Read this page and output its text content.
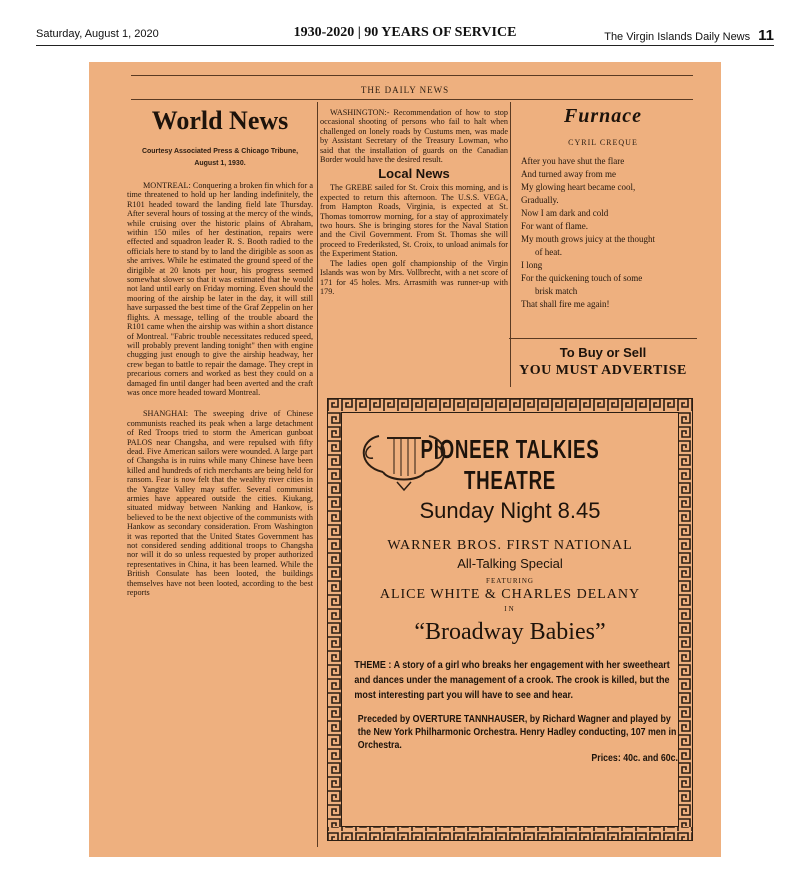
Saturday, August 1, 2020	1930-2020 | 90 YEARS OF SERVICE	The Virgin Islands Daily News 11
THE DAILY NEWS
World News
Courtesy Associated Press & Chicago Tribune,
August 1, 1930.
MONTREAL: Conquering a broken fin which for a time threatened to hold up her landing indefinitely, the R101 headed toward the landing field late Thursday. After several hours of tossing at the mercy of the winds, while cruising over the historic plains of Abraham, within 150 miles of her destination, repairs were effected and squadron leader R. S. Booth radied to the officials here to stand by to land the dirigible as soon as she arrives. While he estimated the ground speed of the dirigible at 20 knots per hour, his progress seemed somewhat slower so that it was estimated that he would not land until early on Friday morning. Even should the mooring of the airship be later in the day, it will still have surpassed the best time of the Graf Zeppelin on her flights. A message, telling of the trouble aboard the R101 came when the airship was within a short distance of Montreal. "Fabric trouble necessitates reduced speed, will probably prevent landing tonight" then with engine chugging just enough to give the airship headway, her crew began to battle to repair the damage. They crept in precarious corners and worked as best they could on a damaged fin until danger had been averted and the craft was once more headed toward Montreal.
SHANGHAI: The sweeping drive of Chinese communists reached its peak when a large detachment of Red Troops tried to storm the American gunboat PALOS near Changsha, and were repulsed with fifty dead. Five American sailors were wounded. A large part of Changsha is in ruins while many Chinese have been killed and hundreds of rich merchants are being held for ransom. Fear is now felt that the wealthy river cities in the Yangtze Valley may suffer. Several communist armies have appeared outside the cities. Kiukang, situated midway between Nanking and Hankow, is believed to be the next objective of the communists with Hankow as secondary consideration. From Washington it was reported that the United States Government has not considered sending additional troops to Changsha nor will it do so unless requested by proper authorized representatives in China, it has been learned. While the British Consulate has been looted, the buildings themselves have not been looted, according to the best reports
WASHINGTON:- Recommendation of how to stop occasional shooting of persons who fail to halt when challenged on lonely roads by Custums men, was made by Assistant Secretary of the Treasury Lowman, who said that the installation of guards on the Canadian Border would have the desired result.
Local News
The GREBE sailed for St. Croix this morning, and is expected to return this afternoon. The U.S.S. VEGA, from Hampton Roads, Virginia, is expected at St. Thomas tomorrow morning, for a stay of approximately two hours. She is bringing stores for the Naval Station and the Civil Government. From St. Thomas she will proceed to Frederiksted, St. Croix, to unload animals for the Experiment Station.
The ladies open golf championship of the Virgin Islands was won by Mrs. Vollbrecht, with a net score of 171 for 45 holes. Mrs. Arrasmith was runner-up with 179.
Furnace
CYRIL CREQUE
After you have shut the flare
And turned away from me
My glowing heart became cool,
Gradually.
Now I am dark and cold
For want of flame.
My mouth grows juicy at the thought
of heat.
I long
For the quickening touch of some
brisk match
That shall fire me again!
To Buy or Sell
YOU MUST ADVERTISE
PIONEER TALKIES THEATRE
Sunday Night 8.45
WARNER BROS. FIRST NATIONAL
All-Talking Special
FEATURING
ALICE WHITE & CHARLES DELANY
IN
“Broadway Babies”
THEME : A story of a girl who breaks her engagement with her sweetheart and dances under the management of a crook. The crook is killed, but the most interesting part you will have to see and hear.
Preceded by OVERTURE TANNHAUSER, by Richard Wagner and played by the New York Philharmonic Orchestra. Henry Hadley conducting, 107 men in Orchestra.
Prices: 40c. and 60c.
